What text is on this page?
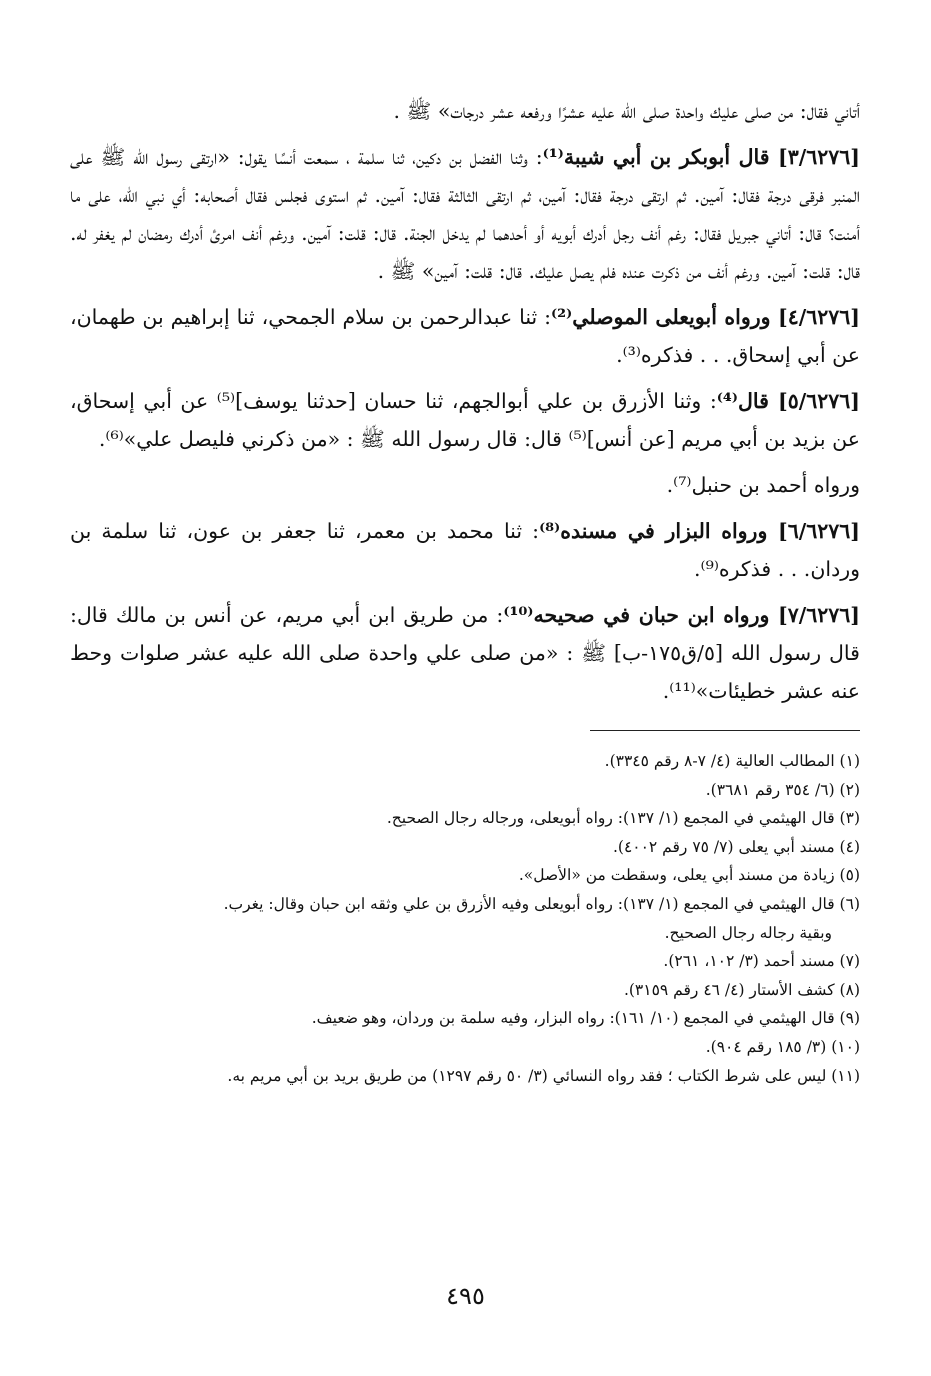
أتاني فقال: من صلى عليك واحدة صلى الله عليه عشرًا ورفعه عشر درجات» ﷺ .

[٣/٦٢٧٦] قال أبوبكر بن أبي شيبة⁽¹⁾: وثنا الفضل بن دكين، ثنا سلمة ، سمعت أنسًا يقول: «ارتقى رسول الله ﷺ على المنبر فرقى درجة فقال: آمين. ثم ارتقى درجة فقال: آمين، ثم ارتقى الثالثة فقال: آمين. ثم استوى فجلس فقال أصحابه: أي نبي الله، على ما أمنت؟ قال: أتاني جبريل فقال: رغم أنف رجل أدرك أبويه أو أحدهما لم يدخل الجنة. قال: قلت: آمين. ورغم أنف امرئ أدرك رمضان لم يغفر له. قال: قلت: آمين. ورغم أنف من ذكرت عنده فلم يصل عليك. قال: قلت: آمين» ﷺ .

[٤/٦٢٧٦] ورواه أبويعلى الموصلي⁽²⁾: ثنا عبدالرحمن بن سلام الجمحي، ثنا إبراهيم بن طهمان، عن أبي إسحاق. . . فذكره⁽³⁾.

[٥/٦٢٧٦] قال⁽⁴⁾: وثنا الأزرق بن علي أبوالجهم، ثنا حسان [حدثنا يوسف]⁽⁵⁾ عن أبي إسحاق، عن بزيد بن أبي مريم [عن أنس]⁽⁵⁾ قال: قال رسول الله ﷺ : «من ذكرني فليصل علي»⁽⁶⁾.

ورواه أحمد بن حنبل⁽⁷⁾.

[٦/٦٢٧٦] ورواه البزار في مسنده⁽⁸⁾: ثنا محمد بن معمر، ثنا جعفر بن عون، ثنا سلمة بن وردان. . . فذكره⁽⁹⁾.

[٧/٦٢٧٦] ورواه ابن حبان في صحيحه⁽¹⁰⁾: من طريق ابن أبي مريم، عن أنس بن مالك قال: قال رسول الله [٥/ق١٧٥-ب] ﷺ : «من صلى علي واحدة صلى الله عليه عشر صلوات وحط عنه عشر خطيئات»⁽¹¹⁾.

(١) المطالب العالية (٤/ ٧-٨ رقم ٣٣٤٥).

(٢) (٦/ ٣٥٤ رقم ٣٦٨١).

(٣) قال الهيثمي في المجمع (١/ ١٣٧): رواه أبويعلى، ورجاله رجال الصحيح.

(٤) مسند أبي يعلى (٧/ ٧٥ رقم ٤٠٠٢).

(٥) زيادة من مسند أبي يعلى، وسقطت من «الأصل».

(٦) قال الهيثمي في المجمع (١/ ١٣٧): رواه أبويعلى وفيه الأزرق بن علي وثقه ابن حبان وقال: يغرب.
وبقية رجاله رجال الصحيح.

(٧) مسند أحمد (٣/ ١٠٢، ٢٦١).

(٨) كشف الأستار (٤/ ٤٦ رقم ٣١٥٩).

(٩) قال الهيثمي في المجمع (١٠/ ١٦١): رواه البزار، وفيه سلمة بن وردان، وهو ضعيف.

(١٠) (٣/ ١٨٥ رقم ٩٠٤).

(١١) ليس على شرط الكتاب ؛ فقد رواه النسائي (٣/ ٥٠ رقم ١٢٩٧) من طريق بريد بن أبي مريم به.

٤٩٥
